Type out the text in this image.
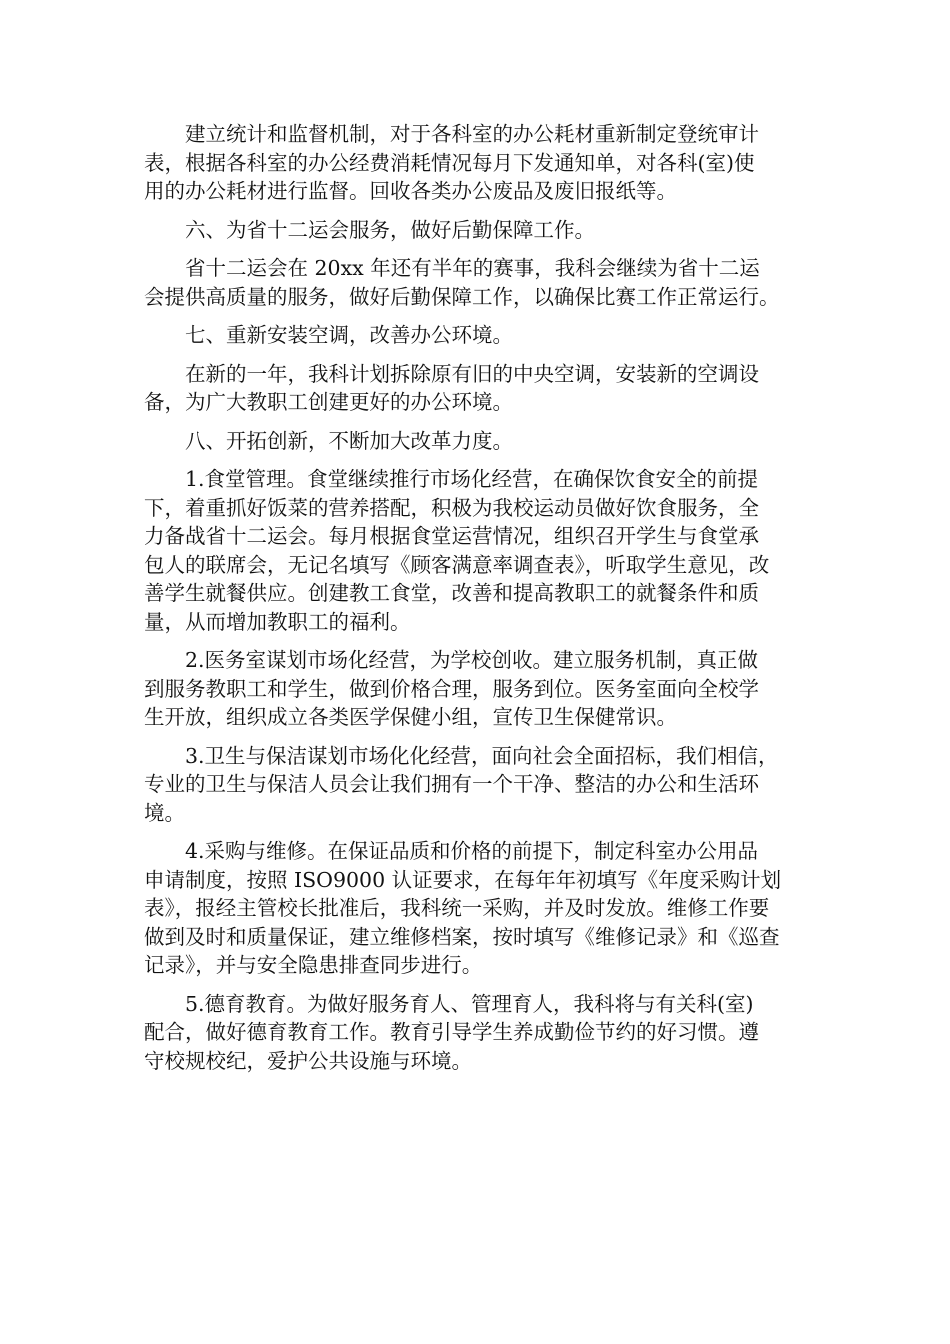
建立统计和监督机制，对于各科室的办公耗材重新制定登统审计
表，根据各科室的办公经费消耗情况每月下发通知单，对各科(室)使
用的办公耗材进行监督。回收各类办公废品及废旧报纸等。

六、为省十二运会服务，做好后勤保障工作。

省十二运会在 20xx 年还有半年的赛事，我科会继续为省十二运
会提供高质量的服务，做好后勤保障工作，以确保比赛工作正常运行。

七、重新安装空调，改善办公环境。

在新的一年，我科计划拆除原有旧的中央空调，安装新的空调设
备，为广大教职工创建更好的办公环境。

八、开拓创新，不断加大改革力度。

1.食堂管理。食堂继续推行市场化经营，在确保饮食安全的前提
下，着重抓好饭菜的营养搭配，积极为我校运动员做好饮食服务，全
力备战省十二运会。每月根据食堂运营情况，组织召开学生与食堂承
包人的联席会，无记名填写《顾客满意率调查表》，听取学生意见，改
善学生就餐供应。创建教工食堂，改善和提高教职工的就餐条件和质
量，从而增加教职工的福利。

2.医务室谋划市场化经营，为学校创收。建立服务机制，真正做
到服务教职工和学生，做到价格合理，服务到位。医务室面向全校学
生开放，组织成立各类医学保健小组，宣传卫生保健常识。

3.卫生与保洁谋划市场化化经营，面向社会全面招标，我们相信，
专业的卫生与保洁人员会让我们拥有一个干净、整洁的办公和生活环
境。

4.采购与维修。在保证品质和价格的前提下，制定科室办公用品
申请制度，按照 ISO9000 认证要求，在每年年初填写《年度采购计划
表》，报经主管校长批准后，我科统一采购，并及时发放。维修工作要
做到及时和质量保证，建立维修档案，按时填写《维修记录》和《巡查
记录》，并与安全隐患排查同步进行。

5.德育教育。为做好服务育人、管理育人，我科将与有关科(室)
配合，做好德育教育工作。教育引导学生养成勤俭节约的好习惯。遵
守校规校纪，爱护公共设施与环境。
